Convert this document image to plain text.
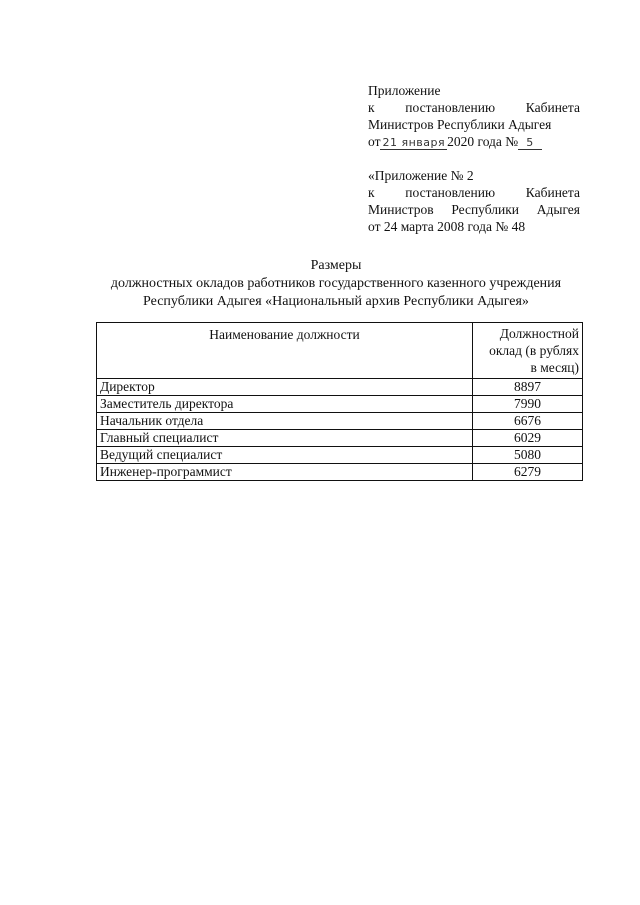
Приложение
к постановлению Кабинета
Министров Республики Адыгея
от 21 января 2020 года № 5
«Приложение № 2
к постановлению Кабинета
Министров Республики Адыгея
от 24 марта 2008 года № 48
Размеры
должностных окладов работников государственного казенного учреждения
Республики Адыгея «Национальный архив Республики Адыгея»
Наименование должности	Должностной
оклад (в рублях
в месяц)

Директор	8897
Заместитель директора	7990
Начальник отдела	6676
Главный специалист	6029
Ведущий специалист	5080
Инженер-программист	6279
